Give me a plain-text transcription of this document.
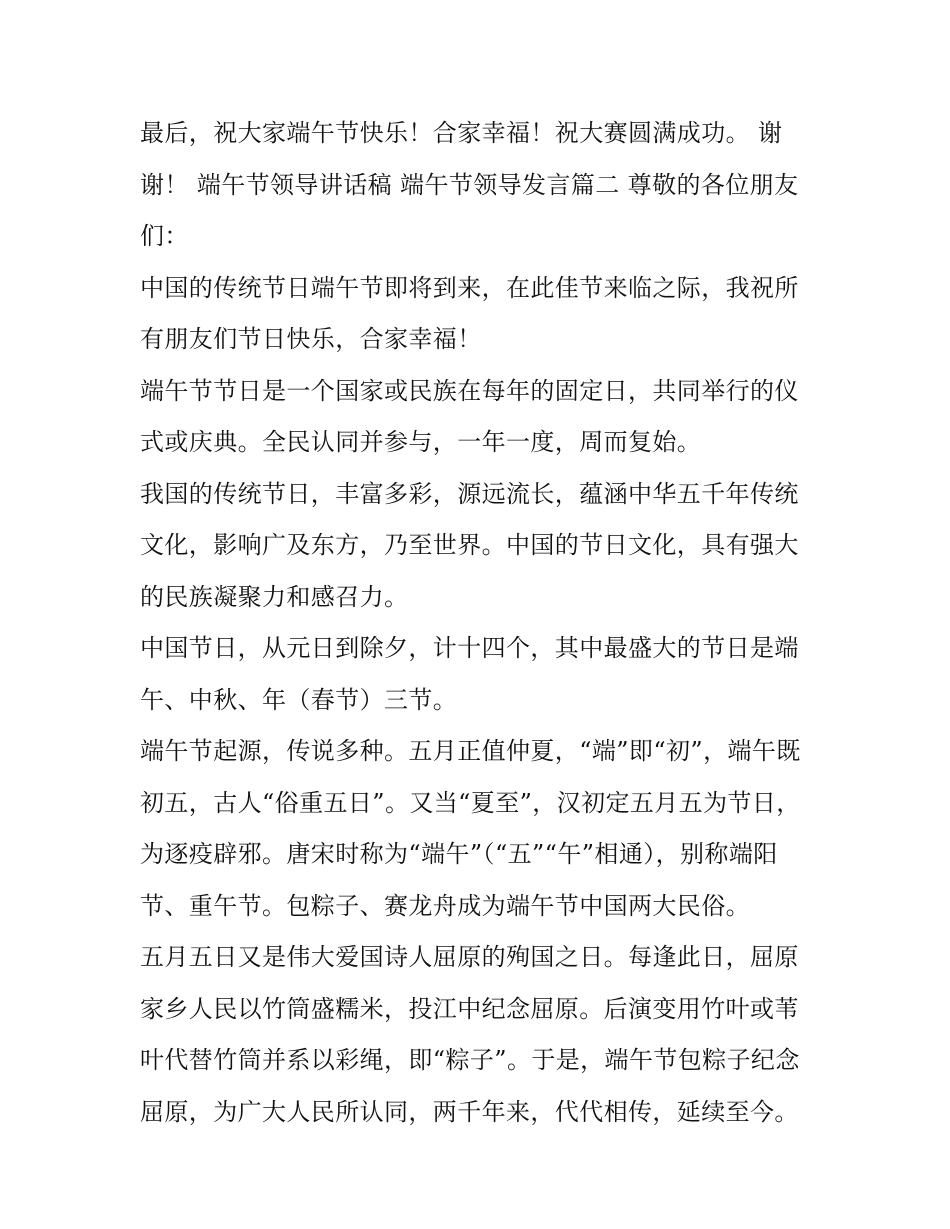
最后，祝大家端午节快乐！合家幸福！祝大赛圆满成功。 谢谢！ 端午节领导讲话稿 端午节领导发言篇二 尊敬的各位朋友们：

中国的传统节日端午节即将到来，在此佳节来临之际，我祝所有朋友们节日快乐，合家幸福！

端午节节日是一个国家或民族在每年的固定日，共同举行的仪式或庆典。全民认同并参与，一年一度，周而复始。

我国的传统节日，丰富多彩，源远流长，蕴涵中华五千年传统文化，影响广及东方，乃至世界。中国的节日文化，具有强大的民族凝聚力和感召力。

中国节日，从元日到除夕，计十四个，其中最盛大的节日是端午、中秋、年（春节）三节。

端午节起源，传说多种。五月正值仲夏，“端”即“初”，端午既初五，古人“俗重五日”。又当“夏至”，汉初定五月五为节日，为逐疫辟邪。唐宋时称为“端午”（“五”“午”相通），别称端阳节、重午节。包粽子、赛龙舟成为端午节中国两大民俗。

五月五日又是伟大爱国诗人屈原的殉国之日。每逢此日，屈原家乡人民以竹筒盛糯米，投江中纪念屈原。后演变用竹叶或苇叶代替竹筒并系以彩绳，即“粽子”。于是，端午节包粽子纪念屈原，为广大人民所认同，两千年来，代代相传，延续至今。
